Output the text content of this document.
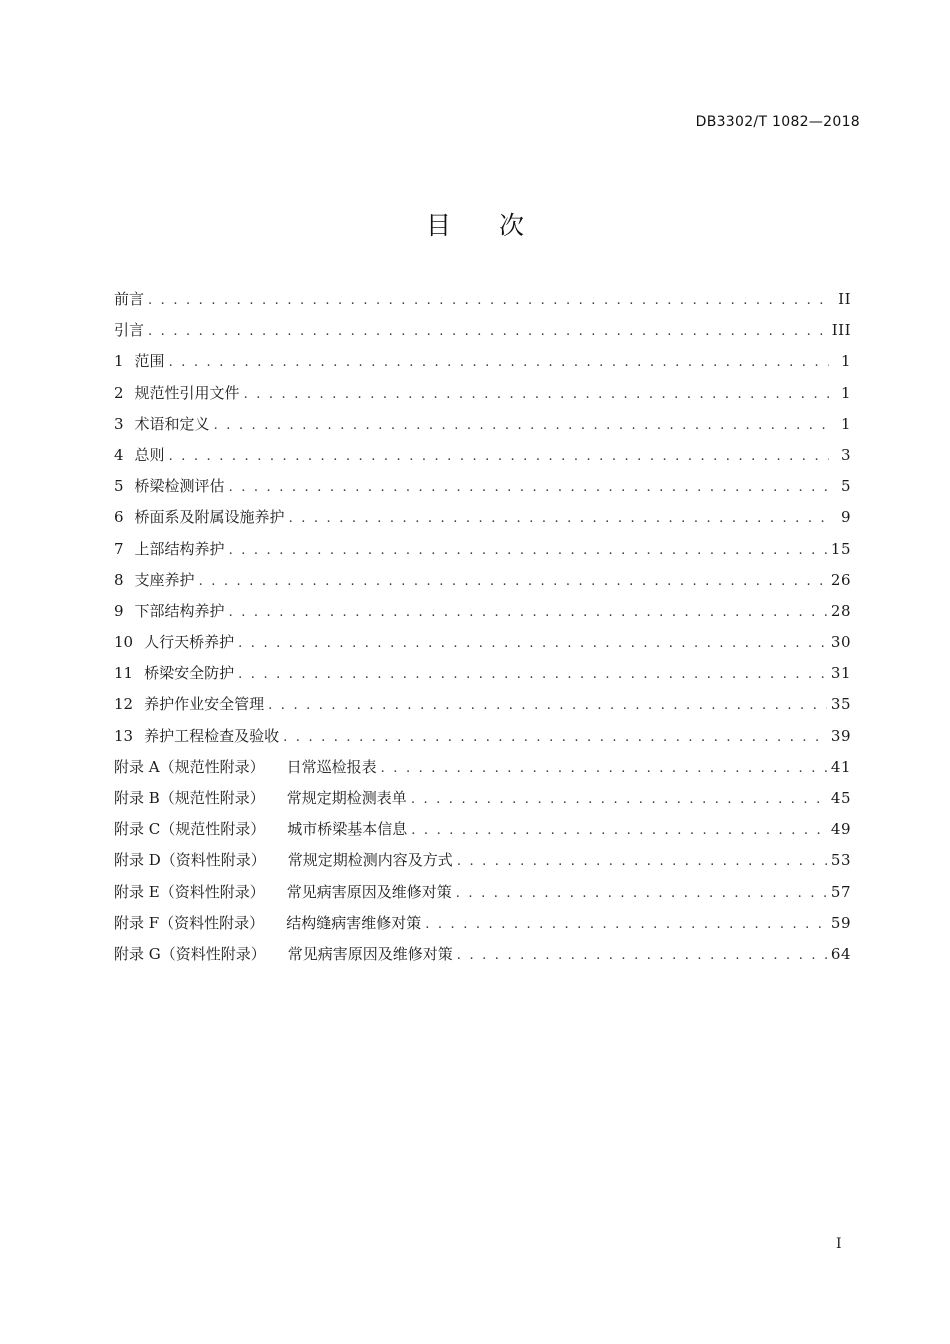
DB3302/T 1082—2018
目次
前言 . . .	II
引言 . . .	III
1 范围 . . .	1
2 规范性引用文件 . . .	1
3 术语和定义 . . .	1
4 总则 . . .	3
5 桥梁检测评估 . . .	5
6 桥面系及附属设施养护 . . .	9
7 上部结构养护 . . .	15
8 支座养护 . . .	26
9 下部结构养护 . . .	28
10 人行天桥养护 . . .	30
11 桥梁安全防护 . . .	31
12 养护作业安全管理 . . .	35
13 养护工程检查及验收 . . .	39
附录 A（规范性附录）	日常巡检报表 . . .	41
附录 B（规范性附录）	常规定期检测表单 . . .	45
附录 C（规范性附录）	城市桥梁基本信息 . . .	49
附录 D（资料性附录）	常规定期检测内容及方式 . . .	53
附录 E（资料性附录）	常见病害原因及维修对策 . . .	57
附录 F（资料性附录）	结构缝病害维修对策 . . .	59
附录 G（资料性附录）	常见病害原因及维修对策 . . .	64
I
